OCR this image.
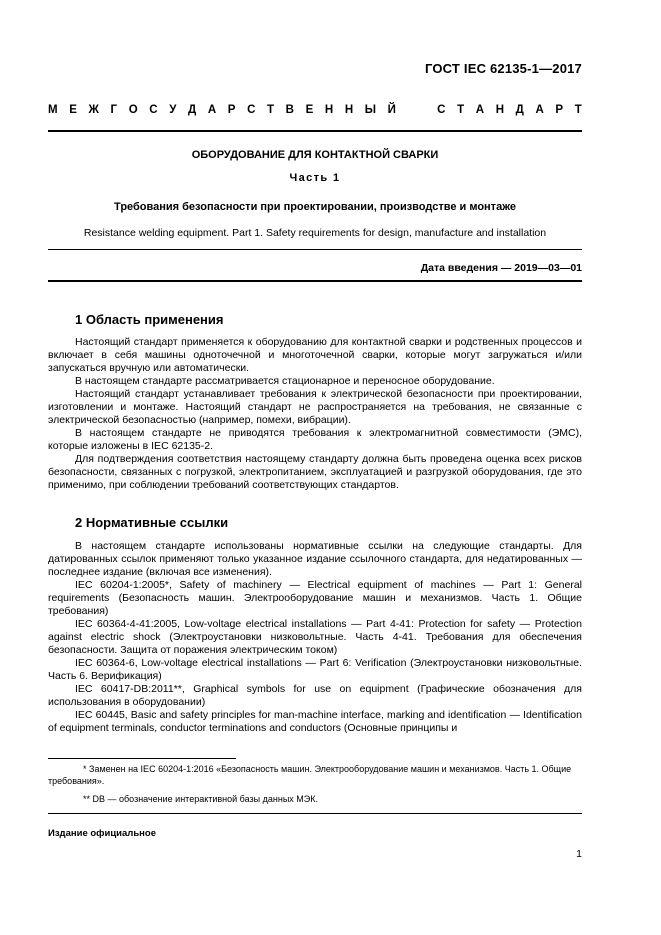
ГОСТ IEC 62135-1—2017
М Е Ж Г О С У Д А Р С Т В Е Н Н Ы Й	С Т А Н Д А Р Т
ОБОРУДОВАНИЕ ДЛЯ КОНТАКТНОЙ СВАРКИ
Часть 1
Требования безопасности при проектировании, производстве и монтаже
Resistance welding equipment. Part 1. Safety requirements for design, manufacture and installation
Дата введения — 2019—03—01
1 Область применения

Настоящий стандарт применяется к оборудованию для контактной сварки и родственных процессов и включает в себя машины одноточечной и многоточечной сварки, которые могут загружаться и/или запускаться вручную или автоматически.

В настоящем стандарте рассматривается стационарное и переносное оборудование.

Настоящий стандарт устанавливает требования к электрической безопасности при проектировании, изготовлении и монтаже. Настоящий стандарт не распространяется на требования, не связанные с электрической безопасностью (например, помехи, вибрации).

В настоящем стандарте не приводятся требования к электромагнитной совместимости (ЭМС), которые изложены в IEC 62135-2.

Для подтверждения соответствия настоящему стандарту должна быть проведена оценка всех рисков безопасности, связанных с погрузкой, электропитанием, эксплуатацией и разгрузкой оборудования, где это применимо, при соблюдении требований соответствующих стандартов.

2 Нормативные ссылки

В настоящем стандарте использованы нормативные ссылки на следующие стандарты. Для датированных ссылок применяют только указанное издание ссылочного стандарта, для недатированных — последнее издание (включая все изменения).

IEC 60204-1:2005*, Safety of machinery — Electrical equipment of machines — Part 1: General requirements (Безопасность машин. Электрооборудование машин и механизмов. Часть 1. Общие требования)

IEC 60364-4-41:2005, Low-voltage electrical installations — Part 4-41: Protection for safety — Protection against electric shock (Электроустановки низковольтные. Часть 4-41. Требования для обеспечения безопасности. Защита от поражения электрическим током)

IEC 60364-6, Low-voltage electrical installations — Part 6: Verification (Электроустановки низковольтные. Часть 6. Верификация)

IEC 60417-DB:2011**, Graphical symbols for use on equipment (Графические обозначения для использования в оборудовании)

IEC 60445, Basic and safety principles for man-machine interface, marking and identification — Identification of equipment terminals, conductor terminations and conductors (Основные принципы и

* Заменен на IEC 60204-1:2016 «Безопасность машин. Электрооборудование машин и механизмов. Часть 1. Общие требования».

** DB — обозначение интерактивной базы данных МЭК.

Издание официальное
1
